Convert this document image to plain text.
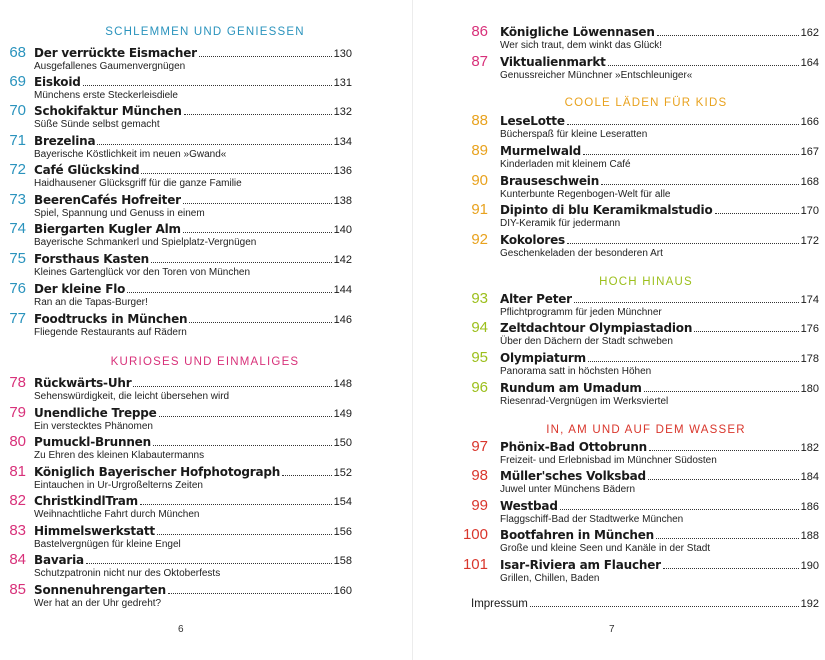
SCHLEMMEN UND GENIESSEN
68 Der verrückte Eismacher	130
Ausgefallenes Gaumenvergnügen
69 Eiskoid	131
Münchens erste Steckerleisdiele
70 Schokifaktur München	132
Süße Sünde selbst gemacht
71 Brezelina	134
Bayerische Köstlichkeit im neuen »Gwand«
72 Café Glückskind	136
Haidhausener Glücksgriff für die ganze Familie
73 BeerenCafés Hofreiter	138
Spiel, Spannung und Genuss in einem
74 Biergarten Kugler Alm	140
Bayerische Schmankerl und Spielplatz-Vergnügen
75 Forsthaus Kasten	142
Kleines Gartenglück vor den Toren von München
76 Der kleine Flo	144
Ran an die Tapas-Burger!
77 Foodtrucks in München	146
Fliegende Restaurants auf Rädern
KURIOSES UND EINMALIGES
78 Rückwärts-Uhr	148
Sehenswürdigkeit, die leicht übersehen wird
79 Unendliche Treppe	149
Ein verstecktes Phänomen
80 Pumuckl-Brunnen	150
Zu Ehren des kleinen Klabautermanns
81 Königlich Bayerischer Hofphotograph	152
Eintauchen in Ur-Urgroßelterns Zeiten
82 ChristkindlTram	154
Weihnachtliche Fahrt durch München
83 Himmelswerkstatt	156
Bastelvergnügen für kleine Engel
84 Bavaria	158
Schutzpatronin nicht nur des Oktoberfests
85 Sonnenuhrengarten	160
Wer hat an der Uhr gedreht?
6
86 Königliche Löwennasen	162
Wer sich traut, dem winkt das Glück!
87 Viktualienmarkt	164
Genussreicher Münchner »Entschleuniger«
COOLE LÄDEN FÜR KIDS
88 LeseLotte	166
Bücherspaß für kleine Leseratten
89 Murmelwald	167
Kinderladen mit kleinem Café
90 Brauseschwein	168
Kunterbunte Regenbogen-Welt für alle
91 Dipinto di blu Keramikmalstudio	170
DIY-Keramik für jedermann
92 Kokolores	172
Geschenkeladen der besonderen Art
HOCH HINAUS
93 Alter Peter	174
Pflichtprogramm für jeden Münchner
94 Zeltdachtour Olympiastadion	176
Über den Dächern der Stadt schweben
95 Olympiaturm	178
Panorama satt in höchsten Höhen
96 Rundum am Umadum	180
Riesenrad-Vergnügen im Werksviertel
IN, AM UND AUF DEM WASSER
97 Phönix-Bad Ottobrunn	182
Freizeit- und Erlebnisbad im Münchner Südosten
98 Müller'sches Volksbad	184
Juwel unter Münchens Bädern
99 Westbad	186
Flaggschiff-Bad der Stadtwerke München
100 Bootfahren in München	188
Große und kleine Seen und Kanäle in der Stadt
101 Isar-Riviera am Flaucher	190
Grillen, Chillen, Baden
Impressum	192
7
